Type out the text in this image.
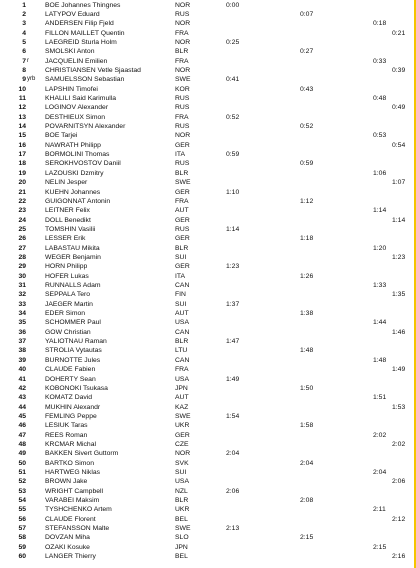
1	BOE Johannes Thingnes	NOR	0:00
2	LATYPOV Eduard	RUS	0:07
3	ANDERSEN Filip Fjeld	NOR	0:18
4	FILLON MAILLET Quentin	FRA	0:21
5	LAEGREID Sturla Holm	NOR	0:25
6	SMOLSKI Anton	BLR	0:27
7 r JACQUELIN Emilien	FRA	0:33
8	CHRISTIANSEN Vetle Sjaastad	NOR	0:39
9 yrb SAMUELSSON Sebastian	SWE	0:41
10	LAPSHIN Timofei	KOR	0:43
11	KHALILI Said Karimulla	RUS	0:48
12	LOGINOV Alexander	RUS	0:49
13	DESTHIEUX Simon	FRA	0:52
14	POVARNITSYN Alexander	RUS	0:52
15	BOE Tarjei	NOR	0:53
16	NAWRATH Philipp	GER	0:54
17	BORMOLINI Thomas	ITA	0:59
18	SEROKHVOSTOV Daniil	RUS	0:59
19	LAZOUSKI Dzmitry	BLR	1:06
20	NELIN Jesper	SWE	1:07
21	KUEHN Johannes	GER	1:10
22	GUIGONNAT Antonin	FRA	1:12
23	LEITNER Felix	AUT	1:14
24	DOLL Benedikt	GER	1:14
25	TOMSHIN Vasilii	RUS	1:14
26	LESSER Erik	GER	1:18
27	LABASTAU Mikita	BLR	1:20
28	WEGER Benjamin	SUI	1:23
29	HORN Philipp	GER	1:23
30	HOFER Lukas	ITA	1:26
31	RUNNALLS Adam	CAN	1:33
32	SEPPALA Tero	FIN	1:35
33	JAEGER Martin	SUI	1:37
34	EDER Simon	AUT	1:38
35	SCHOMMER Paul	USA	1:44
36	GOW Christian	CAN	1:46
37	YALIOTNAU Raman	BLR	1:47
38	STROLIA Vytautas	LTU	1:48
39	BURNOTTE Jules	CAN	1:48
40	CLAUDE Fabien	FRA	1:49
41	DOHERTY Sean	USA	1:49
42	KOBONOKI Tsukasa	JPN	1:50
43	KOMATZ David	AUT	1:51
44	MUKHIN Alexandr	KAZ	1:53
45	FEMLING Peppe	SWE	1:54
46	LESIUK Taras	UKR	1:58
47	REES Roman	GER	2:02
48	KRCMAR Michal	CZE	2:02
49	BAKKEN Sivert Guttorm	NOR	2:04
50	BARTKO Simon	SVK	2:04
51	HARTWEG Niklas	SUI	2:04
52	BROWN Jake	USA	2:06
53	WRIGHT Campbell	NZL	2:06
54	VARABEI Maksim	BLR	2:08
55	TYSHCHENKO Artem	UKR	2:11
56	CLAUDE Florent	BEL	2:12
57	STEFANSSON Malte	SWE	2:13
58	DOVZAN Miha	SLO	2:15
59	OZAKI Kosuke	JPN	2:15
60	LANGER Thierry	BEL	2:16
